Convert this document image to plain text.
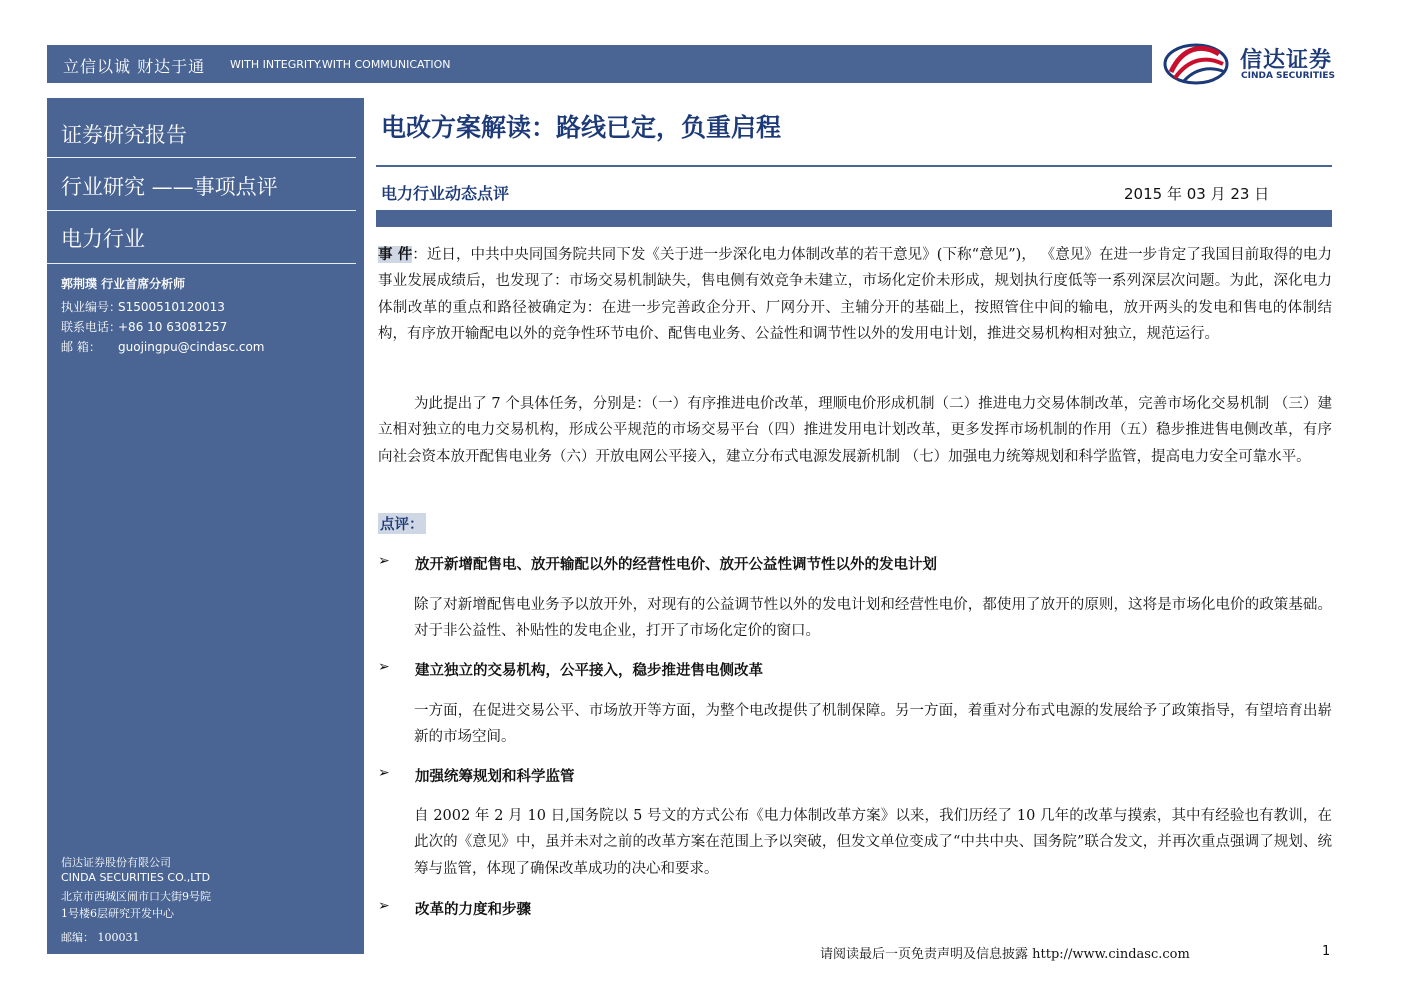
立信以诚 财达于通 WITH INTEGRITY.WITH COMMUNICATION	信达证券
CINDA SECURITIES
证券研究报告
行业研究 ——事项点评
电力行业
郭荆璞 行业首席分析师
执业编号：S1500510120013
联系电话：+86 10 63081257
邮 箱： guojingpu@cindasc.com
信达证券股份有限公司
CINDA SECURITIES CO.,LTD
北京市西城区闹市口大街9号院
1号楼6层研究开发中心
邮编： 100031
电改方案解读：路线已定，负重启程
电力行业动态点评	2015 年 03 月 23 日

事 件：近日，中共中央同国务院共同下发《关于进一步深化电力体制改革的若干意见》(下称“意见”)， 《意见》在进一步肯定了我国目前取得的电力事业发展成绩后，也发现了：市场交易机制缺失，售电侧有效竞争未建立，市场化定价未形成，规划执行度低等一系列深层次问题。为此，深化电力体制改革的重点和路径被确定为：在进一步完善政企分开、厂网分开、主辅分开的基础上，按照管住中间的输电，放开两头的发电和售电的体制结构，有序放开输配电以外的竞争性环节电价、配售电业务、公益性和调节性以外的发用电计划，推进交易机构相对独立，规范运行。

为此提出了 7 个具体任务，分别是：（一）有序推进电价改革，理顺电价形成机制（二）推进电力交易体制改革，完善市场化交易机制 （三）建立相对独立的电力交易机构，形成公平规范的市场交易平台（四）推进发用电计划改革，更多发挥市场机制的作用（五）稳步推进售电侧改革，有序向社会资本放开配售电业务（六）开放电网公平接入，建立分布式电源发展新机制 （七）加强电力统筹规划和科学监管，提高电力安全可靠水平。

点评：
➢ 放开新增配售电、放开输配以外的经营性电价、放开公益性调节性以外的发电计划

除了对新增配售电业务予以放开外，对现有的公益调节性以外的发电计划和经营性电价，都使用了放开的原则，这将是市场化电价的政策基础。对于非公益性、补贴性的发电企业，打开了市场化定价的窗口。

➢ 建立独立的交易机构，公平接入，稳步推进售电侧改革

一方面，在促进交易公平、市场放开等方面，为整个电改提供了机制保障。另一方面，着重对分布式电源的发展给予了政策指导，有望培育出崭新的市场空间。

➢ 加强统筹规划和科学监管

自 2002 年 2 月 10 日,国务院以 5 号文的方式公布《电力体制改革方案》以来，我们历经了 10 几年的改革与摸索，其中有经验也有教训，在此次的《意见》中，虽并未对之前的改革方案在范围上予以突破，但发文单位变成了“中共中央、国务院”联合发文，并再次重点强调了规划、统筹与监管，体现了确保改革成功的决心和要求。

➢ 改革的力度和步骤
请阅读最后一页免责声明及信息披露 http://www.cindasc.com	1
